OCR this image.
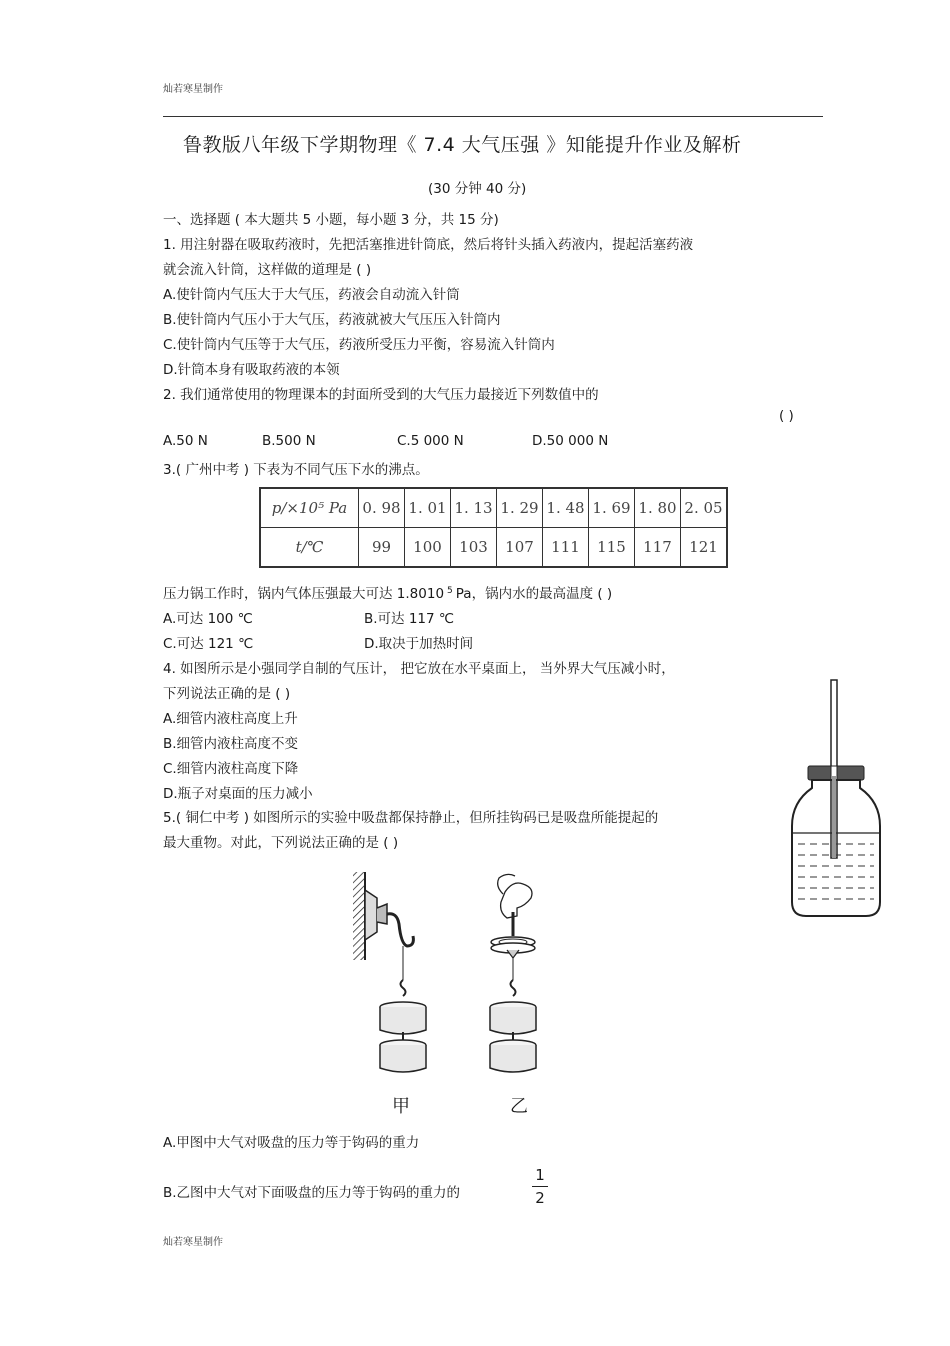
灿若寒星制作
鲁教版八年级下学期物理《 7.4 大气压强 》知能提升作业及解析
(30 分钟 40 分)
一、选择题 ( 本大题共 5 小题，每小题 3 分，共 15 分)
1. 用注射器在吸取药液时，先把活塞推进针筒底，然后将针头插入药液内，提起活塞药液
就会流入针筒，这样做的道理是 ( )
A.使针筒内气压大于大气压，药液会自动流入针筒
B.使针筒内气压小于大气压，药液就被大气压压入针筒内
C.使针筒内气压等于大气压，药液所受压力平衡，容易流入针筒内
D.针筒本身有吸取药液的本领
2. 我们通常使用的物理课本的封面所受到的大气压力最接近下列数值中的
( )
A.50 N	B.500 N	C.5 000 N	D.50 000 N
3.( 广州中考 ) 下表为不同气压下水的沸点。
p/×10⁵ Pa	0. 98	1. 01	1. 13	1. 29	1. 48	1. 69	1. 80	2. 05
t/℃	99	100	103	107	111	115	117	121
压力锅工作时，锅内气体压强最大可达 1.8010 $^5$ Pa，锅内水的最高温度 ( )
A.可达 100 ℃	B.可达 117 ℃
C.可达 121 ℃	D.取决于加热时间
4. 如图所示是小强同学自制的气压计， 把它放在水平桌面上， 当外界大气压减小时，
下列说法正确的是 ( )
A.细管内液柱高度上升
B.细管内液柱高度不变
C.细管内液柱高度下降
D.瓶子对桌面的压力减小
5.( 铜仁中考 ) 如图所示的实验中吸盘都保持静止，但所挂钩码已是吸盘所能提起的
最大重物。对此，下列说法正确的是 ( )
甲	乙
A.甲图中大气对吸盘的压力等于钩码的重力
B.乙图中大气对下面吸盘的压力等于钩码的重力的
1
2
灿若寒星制作
